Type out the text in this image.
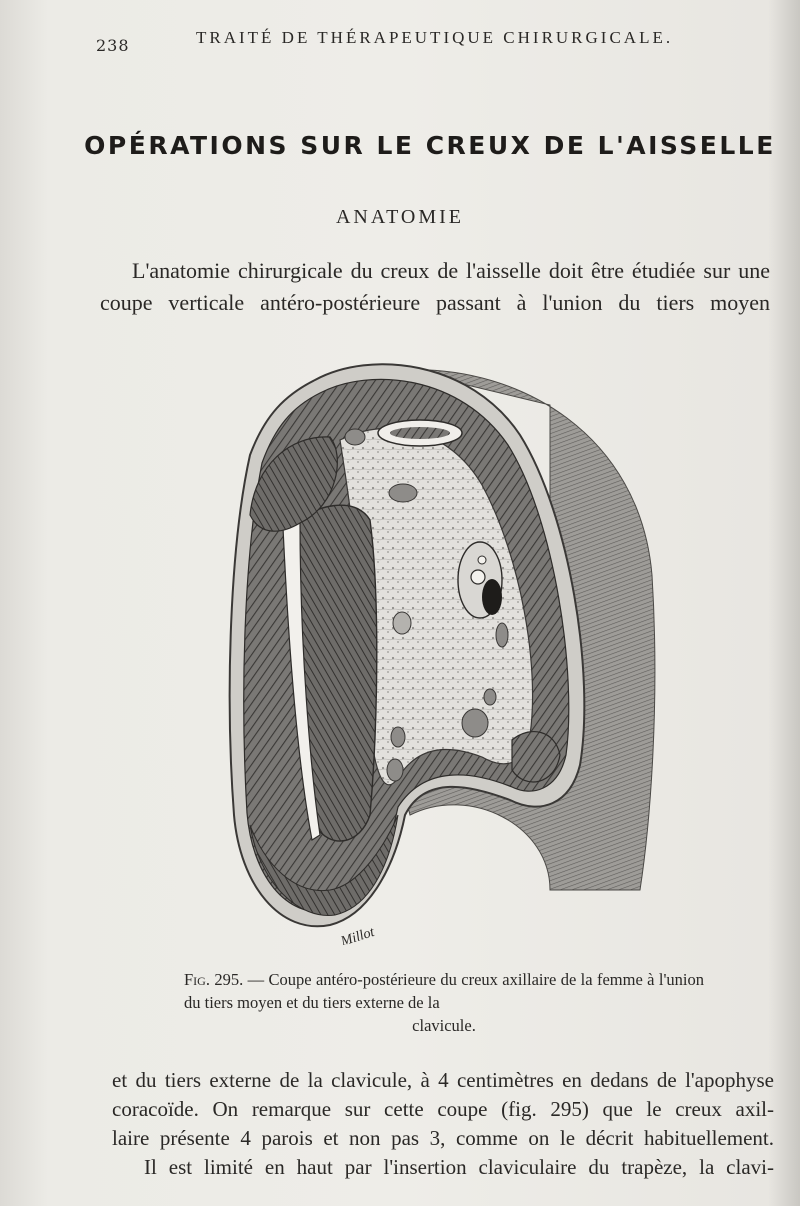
238	TRAITÉ DE THÉRAPEUTIQUE CHIRURGICALE.
OPÉRATIONS SUR LE CREUX DE L'AISSELLE
ANATOMIE
L'anatomie chirurgicale du creux de l'aisselle doit être étudiée sur une coupe verticale antéro-postérieure passant à l'union du tiers moyen
Millot
Fig. 295. — Coupe antéro-postérieure du creux axillaire de la femme à l'union du tiers moyen et du tiers externe de la
clavicule.

et du tiers externe de la clavicule, à 4 centimètres en dedans de l'apophyse

coracoïde. On remarque sur cette coupe (fig. 295) que le creux axil-

laire présente 4 parois et non pas 3, comme on le décrit habituellement.

Il est limité en haut par l'insertion claviculaire du trapèze, la clavi-
